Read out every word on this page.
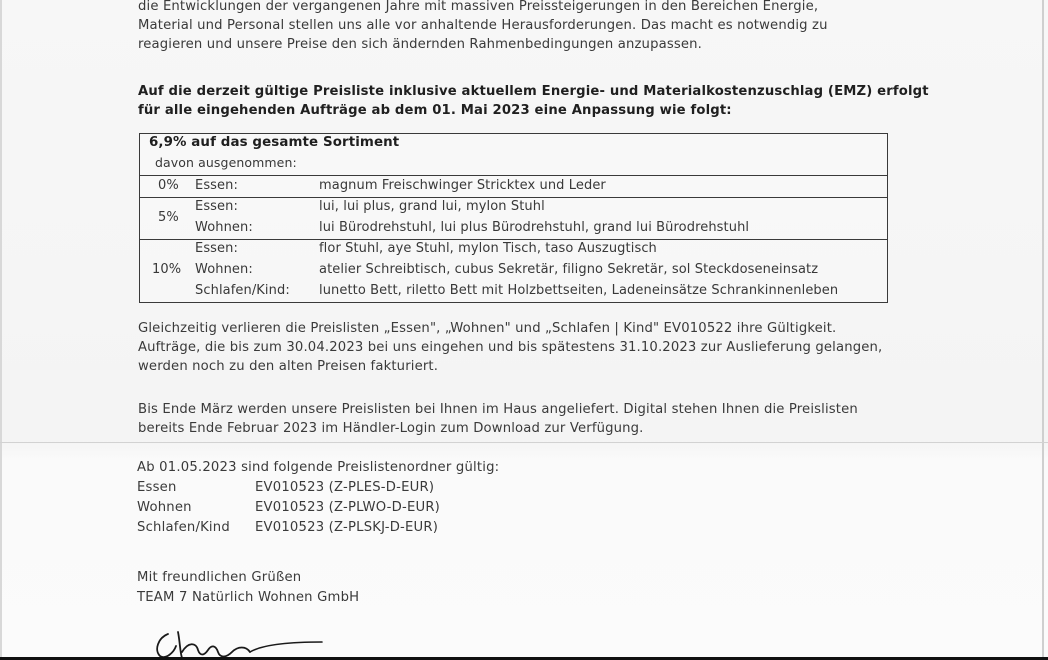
die Entwicklungen der vergangenen Jahre mit massiven Preissteigerungen in den Bereichen Energie,

Material und Personal stellen uns alle vor anhaltende Herausforderungen. Das macht es notwendig zu

reagieren und unsere Preise den sich ändernden Rahmenbedingungen anzupassen.

Auf die derzeit gültige Preisliste inklusive aktuellem Energie- und Materialkostenzuschlag (EMZ) erfolgt

für alle eingehenden Aufträge ab dem 01. Mai 2023 eine Anpassung wie folgt:

6,9% auf das gesamte Sortiment
davon ausgenommen:
0% Essen:	magnum Freischwinger Stricktex und Leder
5%
Essen:	lui, lui plus, grand lui, mylon Stuhl
Wohnen:	lui Bürodrehstuhl, lui plus Bürodrehstuhl, grand lui Bürodrehstuhl
10%
Essen:	flor Stuhl, aye Stuhl, mylon Tisch, taso Auszugtisch
Wohnen:	atelier Schreibtisch, cubus Sekretär, filigno Sekretär, sol Steckdoseneinsatz
Schlafen/Kind: lunetto Bett, riletto Bett mit Holzbettseiten, Ladeneinsätze Schrankinnenleben

Gleichzeitig verlieren die Preislisten „Essen", „Wohnen" und „Schlafen | Kind" EV010522 ihre Gültigkeit.

Aufträge, die bis zum 30.04.2023 bei uns eingehen und bis spätestens 31.10.2023 zur Auslieferung gelangen,

werden noch zu den alten Preisen fakturiert.

Bis Ende März werden unsere Preislisten bei Ihnen im Haus angeliefert. Digital stehen Ihnen die Preislisten

bereits Ende Februar 2023 im Händler-Login zum Download zur Verfügung.

Ab 01.05.2023 sind folgende Preislistenordner gültig:
Essen	EV010523 (Z-PLES-D-EUR)
Wohnen	EV010523 (Z-PLWO-D-EUR)
Schlafen/Kind EV010523 (Z-PLSKJ-D-EUR)

Mit freundlichen Grüßen

TEAM 7 Natürlich Wohnen GmbH
